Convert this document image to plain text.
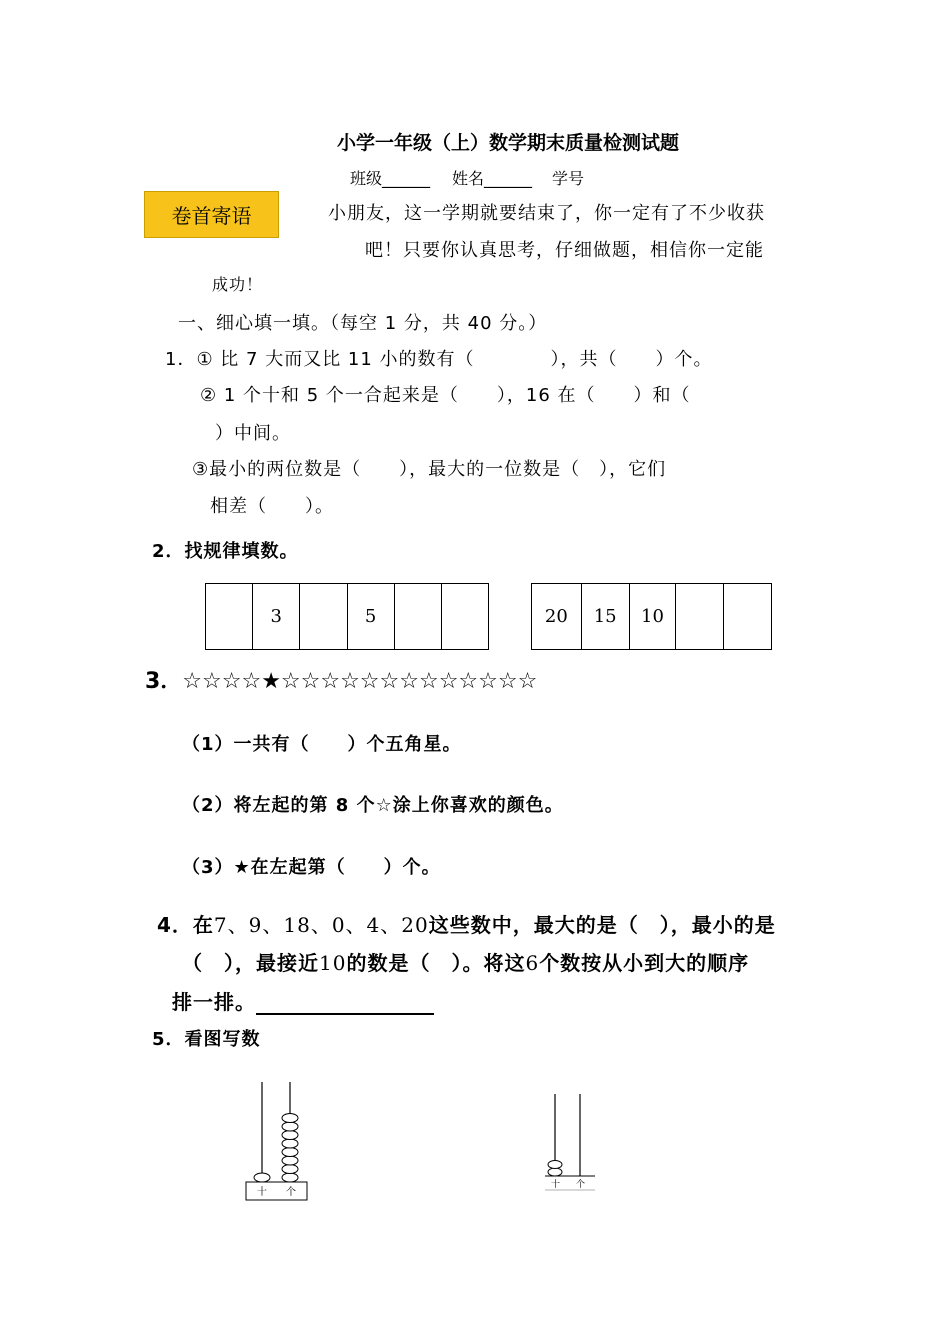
小学一年级（上）数学期末质量检测试题
班级______ 姓名______ 学号
卷首寄语	小朋友，这一学期就要结束了，你一定有了不少收获
吧！只要你认真思考，仔细做题，相信你一定能
成功！
一、细心填一填。（每空 1 分，共 40 分。）
1．① 比 7 大而又比 11 小的数有（　　　　），共（　　）个。
② 1 个十和 5 个一合起来是（　　），16 在（　　）和（
）中间。
③最小的两位数是（　　），最大的一位数是（　），它们
相差（　　）。
2．找规律填数。
3	5	20	15	10
3．☆☆☆☆★☆☆☆☆☆☆☆☆☆☆☆☆☆
（1）一共有（　　）个五角星。
（2）将左起的第 8 个☆涂上你喜欢的颜色。
（3）★在左起第（　　）个。
4．在7、9、18、0、4、20这些数中，最大的是（　），最小的是
（　），最接近10的数是（　）。将这6个数按从小到大的顺序
排一排。
5．看图写数
十 个
十 个
